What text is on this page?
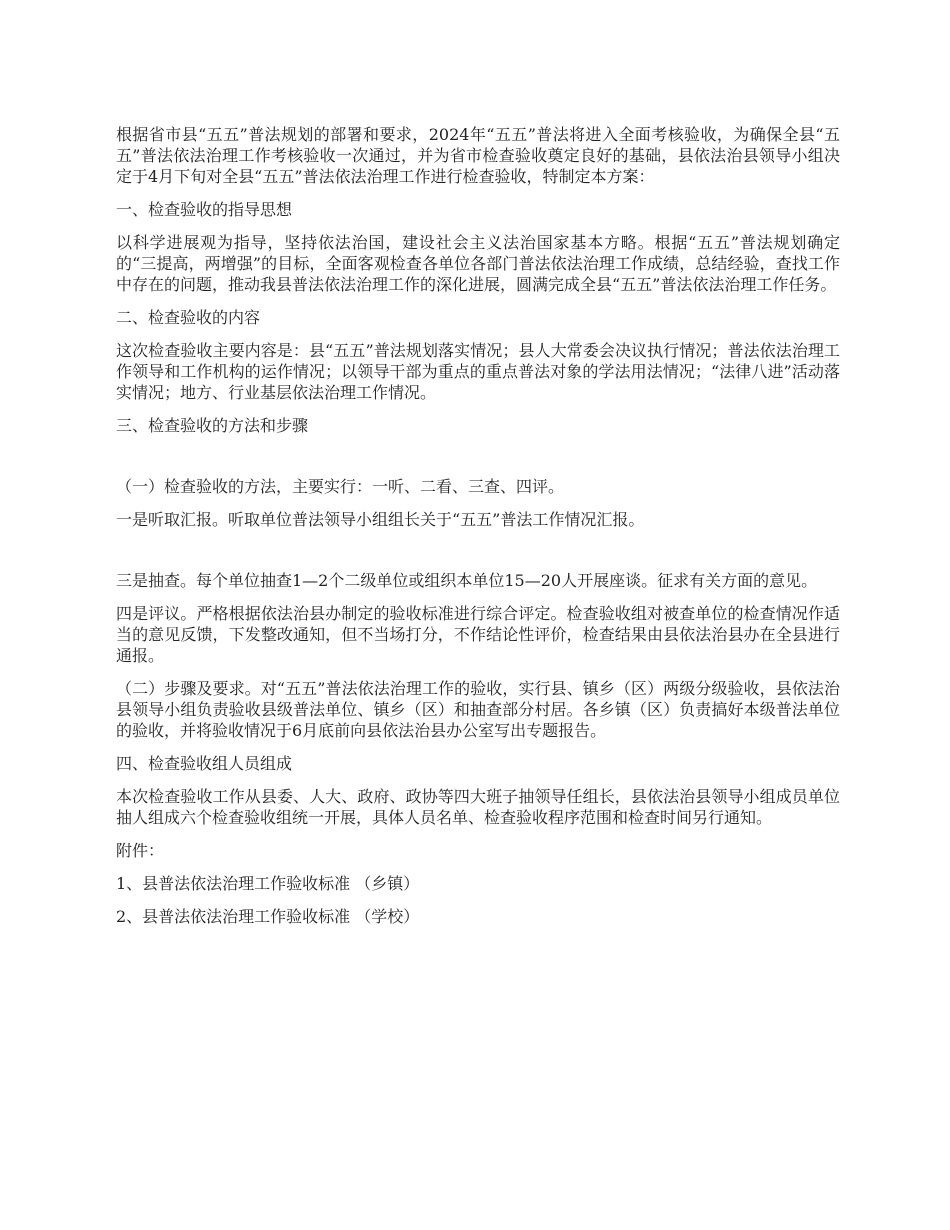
根据省市县“五五”普法规划的部署和要求，2024年“五五”普法将进入全面考核验收，为确保全县“五五”普法依法治理工作考核验收一次通过，并为省市检查验收奠定良好的基础，县依法治县领导小组决定于4月下旬对全县“五五”普法依法治理工作进行检查验收，特制定本方案：

一、检查验收的指导思想

以科学进展观为指导，坚持依法治国，建设社会主义法治国家基本方略。根据“五五”普法规划确定的“三提高，两增强”的目标，全面客观检查各单位各部门普法依法治理工作成绩，总结经验，查找工作中存在的问题，推动我县普法依法治理工作的深化进展，圆满完成全县“五五”普法依法治理工作任务。

二、检查验收的内容

这次检查验收主要内容是：县“五五”普法规划落实情况；县人大常委会决议执行情况；普法依法治理工作领导和工作机构的运作情况；以领导干部为重点的重点普法对象的学法用法情况；“法律八进”活动落实情况；地方、行业基层依法治理工作情况。

三、检查验收的方法和步骤

（一）检查验收的方法，主要实行：一听、二看、三查、四评。

一是听取汇报。听取单位普法领导小组组长关于“五五”普法工作情况汇报。

三是抽查。每个单位抽查1—2个二级单位或组织本单位15—20人开展座谈。征求有关方面的意见。

四是评议。严格根据依法治县办制定的验收标准进行综合评定。检查验收组对被查单位的检查情况作适当的意见反馈，下发整改通知，但不当场打分，不作结论性评价，检查结果由县依法治县办在全县进行通报。

（二）步骤及要求。对“五五”普法依法治理工作的验收，实行县、镇乡（区）两级分级验收，县依法治县领导小组负责验收县级普法单位、镇乡（区）和抽查部分村居。各乡镇（区）负责搞好本级普法单位的验收，并将验收情况于6月底前向县依法治县办公室写出专题报告。

四、检查验收组人员组成

本次检查验收工作从县委、人大、政府、政协等四大班子抽领导任组长，县依法治县领导小组成员单位抽人组成六个检查验收组统一开展，具体人员名单、检查验收程序范围和检查时间另行通知。

附件：

1、县普法依法治理工作验收标准 （乡镇）

2、县普法依法治理工作验收标准 （学校）
